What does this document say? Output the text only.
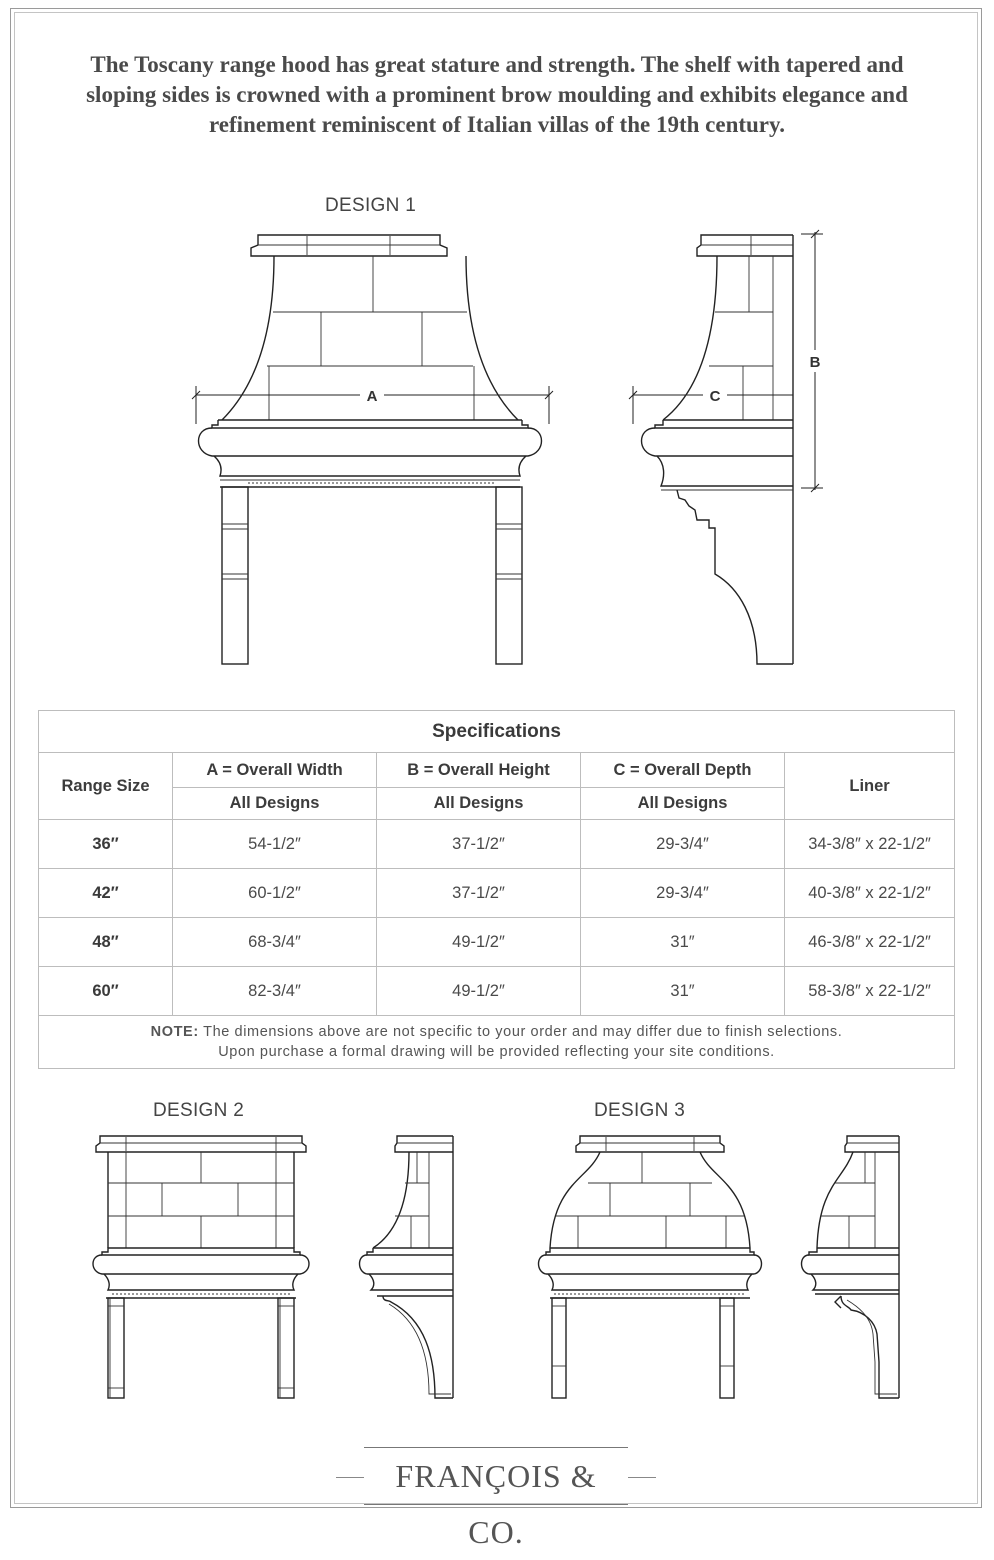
The Toscany range hood has great stature and strength. The shelf with tapered and sloping sides is crowned with a prominent brow moulding and exhibits elegance and refinement reminiscent of Italian villas of the 19th century.
DESIGN 1
A	C
B
Specifications				
Range Size	A = Overall Width	B = Overall Height	C = Overall Depth	Liner
	All Designs	All Designs	All Designs	
36″	54-1/2″	37-1/2″	29-3/4″	34-3/8″ x 22-1/2″
42″	60-1/2″	37-1/2″	29-3/4″	40-3/8″ x 22-1/2″
48″	68-3/4″	49-1/2″	31″	46-3/8″ x 22-1/2″
60″	82-3/4″	49-1/2″	31″	58-3/8″ x 22-1/2″
NOTE: The dimensions above are not specific to your order and may differ due to finish selections.
Upon purchase a formal drawing will be provided reflecting your site conditions.				
DESIGN 2	DESIGN 3
FRANÇOIS & CO.
